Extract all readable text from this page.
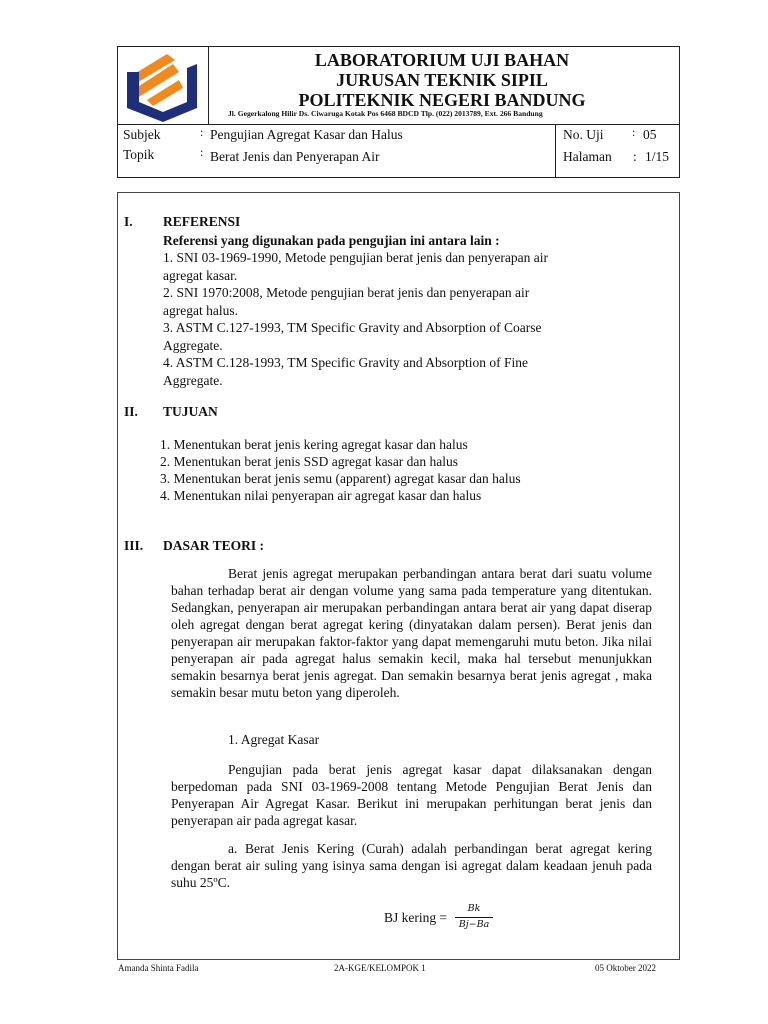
LABORATORIUM UJI BAHAN
JURUSAN TEKNIK SIPIL
POLITEKNIK NEGERI BANDUNG
Jl. Gegerkalong Hilir Ds. Ciwaruga Kotak Pos 6468 BDCD Tlp. (022) 2013789, Ext. 266 Bandung
Subjek	: Pengujian Agregat Kasar dan Halus
Topik	: Berat Jenis dan Penyerapan Air
No. Uji : 05
Halaman : 1/15
I. REFERENSI
Referensi yang digunakan pada pengujian ini antara lain :
1. SNI 03-1969-1990, Metode pengujian berat jenis dan penyerapan air
agregat kasar.
2. SNI 1970:2008, Metode pengujian berat jenis dan penyerapan air
agregat halus.
3. ASTM C.127-1993, TM Specific Gravity and Absorption of Coarse
Aggregate.
4. ASTM C.128-1993, TM Specific Gravity and Absorption of Fine
Aggregate.
II. TUJUAN
1. Menentukan berat jenis kering agregat kasar dan halus
2. Menentukan berat jenis SSD agregat kasar dan halus
3. Menentukan berat jenis semu (apparent) agregat kasar dan halus
4. Menentukan nilai penyerapan air agregat kasar dan halus
III. DASAR TEORI :
Berat jenis agregat merupakan perbandingan antara berat dari suatu volume bahan terhadap berat air dengan volume yang sama pada temperature yang ditentukan. Sedangkan, penyerapan air merupakan perbandingan antara berat air yang dapat diserap oleh agregat dengan berat agregat kering (dinyatakan dalam persen). Berat jenis dan penyerapan air merupakan faktor-faktor yang dapat memengaruhi mutu beton. Jika nilai penyerapan air pada agregat halus semakin kecil, maka hal tersebut menunjukkan semakin besarnya berat jenis agregat. Dan semakin besarnya berat jenis agregat , maka semakin besar mutu beton yang diperoleh.
1. Agregat Kasar
Pengujian pada berat jenis agregat kasar dapat dilaksanakan dengan berpedoman pada SNI 03-1969-2008 tentang Metode Pengujian Berat Jenis dan Penyerapan Air Agregat Kasar. Berikut ini merupakan perhitungan berat jenis dan penyerapan air pada agregat kasar.
a. Berat Jenis Kering (Curah) adalah perbandingan berat agregat kering dengan berat air suling yang isinya sama dengan isi agregat dalam keadaan jenuh pada suhu 25ºC.
BJ kering =
Bk
Bj−Ba
Amanda Shinta Fadila	2A-KGE/KELOMPOK 1	05 Oktober 2022
